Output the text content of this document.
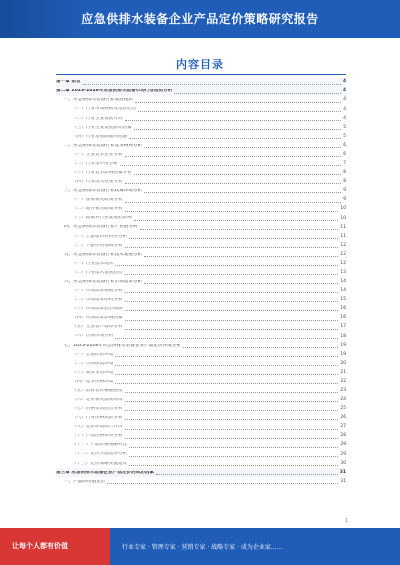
应急供排水装备企业产品定价策略研究报告
内容目录
第一章 前言	4
第二章 2023-2028年应急供排水装备市场行业趋势分析	4
一、应急供排水装备行业发展现状	4
（一）行业市场规模及增长趋势	4
（二）行业主要发展方向	4
（三）行业主要发展驱动因素	5
（四）行业发展面临的问题	5
二、应急供排水装备行业竞争格局分析	6
（一）主要竞争企业分析	6
（二）行业集中度分析	7
（三）行业竞争影响因素分析	8
（四）行业进入壁垒分析	8
三、应急供排水装备行业政策环境分析	9
（一）国家相关政策分析	9
（二）地方相关政策分析	10
（三）政策对行业发展的影响	10
四、应急供排水装备行业产业链分析	11
（一）上游原材料供应分析	11
（二）下游应用领域分析	12
五、应急供排水装备行业技术发展分析	12
（一）行业技术现状	12
（二）行业技术发展趋势	13
六、应急供排水装备行业市场需求分析	14
（一）市场需求规模分析	14
（二）市场需求结构分析	15
（三）市场需求趋势预测	16
（四）市场需求影响因素	16
（五）主要客户群体分析	17
（六）区域市场分析	18
七、2023-2028年应急供排水装备企业产品定价环境分析	19
（一）宏观经济环境	19
（二）市场供需环境	20
（三）成本变动环境	21
（四）竞争价格环境	22
（五）消费者价格敏感度	23
（六）定价相关法规环境	24
（七）价格变动趋势分析	25
（八）行业价格风险分析	26
（九）定价环境综合评价	27
（十）产品价格体系分析	28
（十一）产品价格策略对比	29
（十二）定价方法选择分析	29
（十三）定价策略实施建议	30
第三章 应急供排水装备企业产品定价的成功因素	31
一、产品的价值定位	31
1
让每个人都有价值	行业专家 · 管理专家 · 营销专家 · 战略专家 · 成为企业家……
